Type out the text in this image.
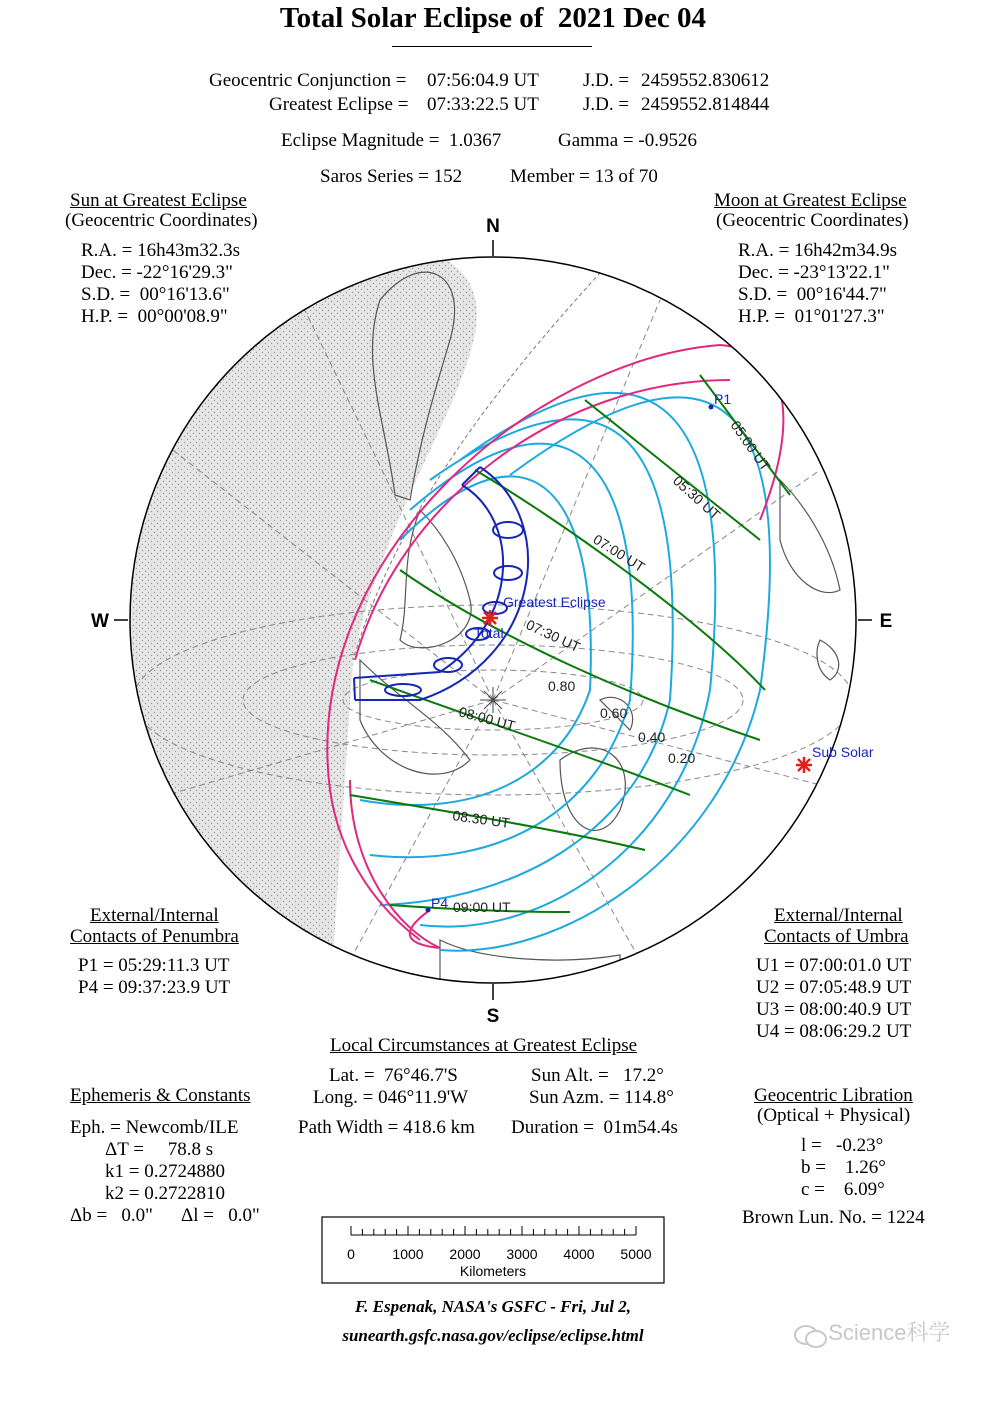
Total Solar Eclipse of  2021 Dec 04
Geocentric Conjunction = 07:56:04.9 UT J.D. = 2459552.830612
Greatest Eclipse = 07:33:22.5 UT J.D. = 2459552.814844
Eclipse Magnitude =  1.0367	Gamma = -0.9526
Saros Series = 152	Member = 13 of 70
Sun at Greatest Eclipse
(Geocentric Coordinates)
R.A. = 16h43m32.3s
Dec. = -22°16'29.3"
S.D. =  00°16'13.6"
H.P. =  00°00'08.9"
Moon at Greatest Eclipse
(Geocentric Coordinates)
R.A. = 16h42m34.9s
Dec. = -23°13'22.1"
S.D. =  00°16'44.7"
H.P. =  01°01'27.3"
N
S
W	E
P1
P4
Greatest Eclipse
Total
Sub Solar
05:00 UT
05:30 UT
07:00 UT
07:30 UT
08:00 UT
08:30 UT
09:00 UT
0.80
0.60
0.40
0.20
External/Internal
Contacts of Penumbra
P1 = 05:29:11.3 UT
P4 = 09:37:23.9 UT
External/Internal
Contacts of Umbra
U1 = 07:00:01.0 UT
U2 = 07:05:48.9 UT
U3 = 08:00:40.9 UT
U4 = 08:06:29.2 UT
Local Circumstances at Greatest Eclipse
Lat. =  76°46.7'S
Long. = 046°11.9'W
Sun Alt. =   17.2°
Sun Azm. = 114.8°
Path Width = 418.6 km Duration =  01m54.4s
Ephemeris & Constants
Eph. = Newcomb/ILE
ΔT =     78.8 s
k1 = 0.2724880
k2 = 0.2722810
Δb =   0.0" Δl =   0.0"
Geocentric Libration
(Optical + Physical)
l =   -0.23°
b =    1.26°
c =    6.09°
Brown Lun. No. = 1224
0	1000 2000 3000 4000 5000
Kilometers
F. Espenak, NASA's GSFC - Fri, Jul 2,
sunearth.gsfc.nasa.gov/eclipse/eclipse.html

	Science科学
